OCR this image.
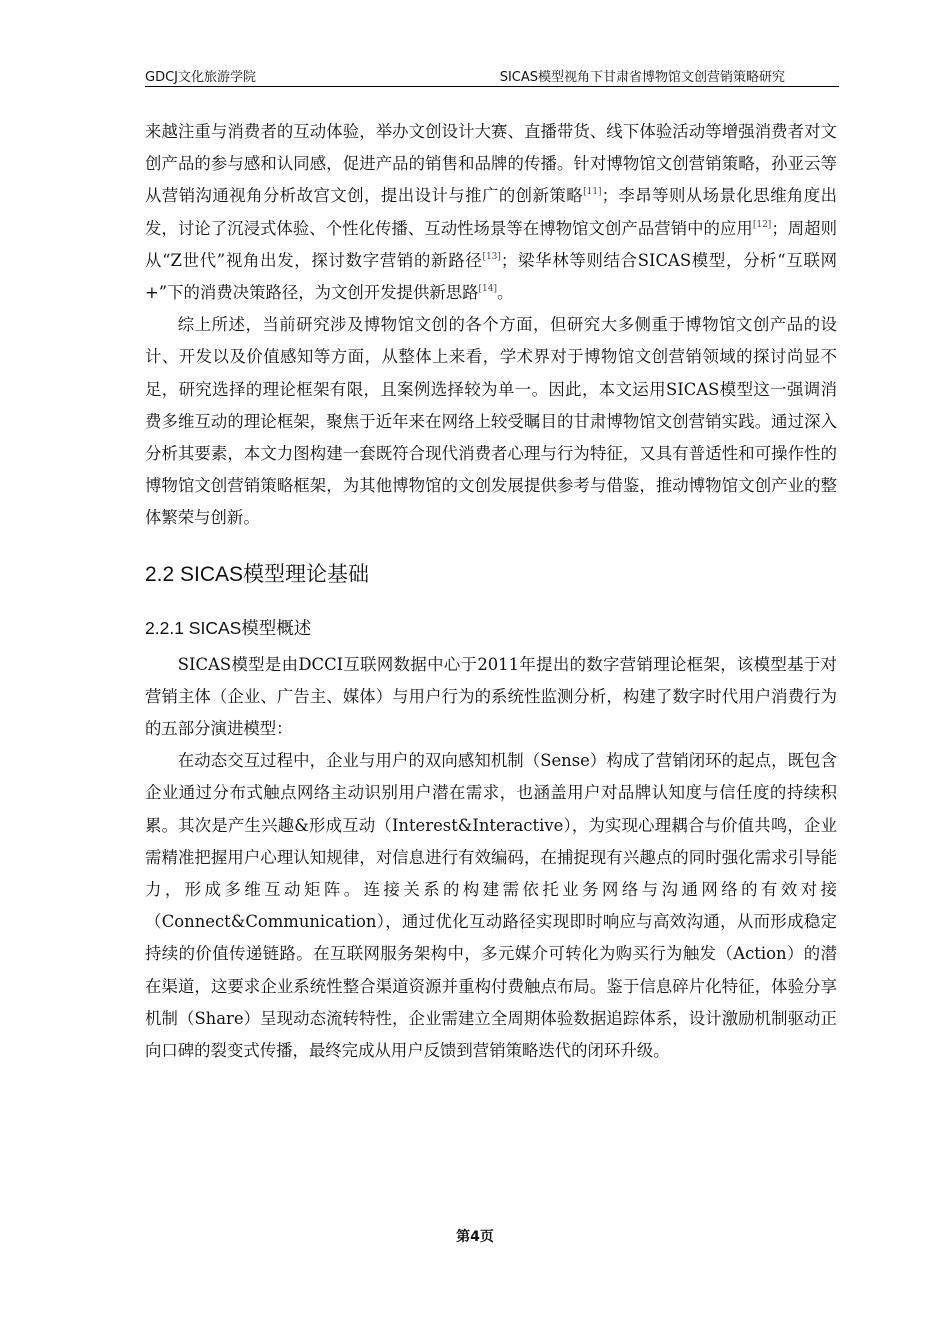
GDCJ文化旅游学院	SICAS模型视角下甘肃省博物馆文创营销策略研究

来越注重与消费者的互动体验，举办文创设计大赛、直播带货、线下体验活动等增强消费者对文创产品的参与感和认同感，促进产品的销售和品牌的传播。针对博物馆文创营销策略，孙亚云等从营销沟通视角分析故宫文创，提出设计与推广的创新策略[11]；李昂等则从场景化思维角度出发，讨论了沉浸式体验、个性化传播、互动性场景等在博物馆文创产品营销中的应用[12]；周超则从“Z世代”视角出发，探讨数字营销的新路径[13]；梁华林等则结合SICAS模型，分析“互联网+”下的消费决策路径，为文创开发提供新思路[14]。

综上所述，当前研究涉及博物馆文创的各个方面，但研究大多侧重于博物馆文创产品的设计、开发以及价值感知等方面，从整体上来看，学术界对于博物馆文创营销领域的探讨尚显不足，研究选择的理论框架有限，且案例选择较为单一。因此，本文运用SICAS模型这一强调消费多维互动的理论框架，聚焦于近年来在网络上较受瞩目的甘肃博物馆文创营销实践。通过深入分析其要素，本文力图构建一套既符合现代消费者心理与行为特征，又具有普适性和可操作性的博物馆文创营销策略框架，为其他博物馆的文创发展提供参考与借鉴，推动博物馆文创产业的整体繁荣与创新。

2.2 SICAS模型理论基础
2.2.1 SICAS模型概述

SICAS模型是由DCCI互联网数据中心于2011年提出的数字营销理论框架，该模型基于对营销主体（企业、广告主、媒体）与用户行为的系统性监测分析，构建了数字时代用户消费行为的五部分演进模型：

在动态交互过程中，企业与用户的双向感知机制（Sense）构成了营销闭环的起点，既包含企业通过分布式触点网络主动识别用户潜在需求，也涵盖用户对品牌认知度与信任度的持续积累。其次是产生兴趣&形成互动（Interest&Interactive），为实现心理耦合与价值共鸣，企业需精准把握用户心理认知规律，对信息进行有效编码，在捕捉现有兴趣点的同时强化需求引导能力，形成多维互动矩阵。连接关系的构建需依托业务网络与沟通网络的有效对接（Connect&Communication），通过优化互动路径实现即时响应与高效沟通，从而形成稳定持续的价值传递链路。在互联网服务架构中，多元媒介可转化为购买行为触发（Action）的潜在渠道，这要求企业系统性整合渠道资源并重构付费触点布局。鉴于信息碎片化特征，体验分享机制（Share）呈现动态流转特性，企业需建立全周期体验数据追踪体系，设计激励机制驱动正向口碑的裂变式传播，最终完成从用户反馈到营销策略迭代的闭环升级。

第4页
